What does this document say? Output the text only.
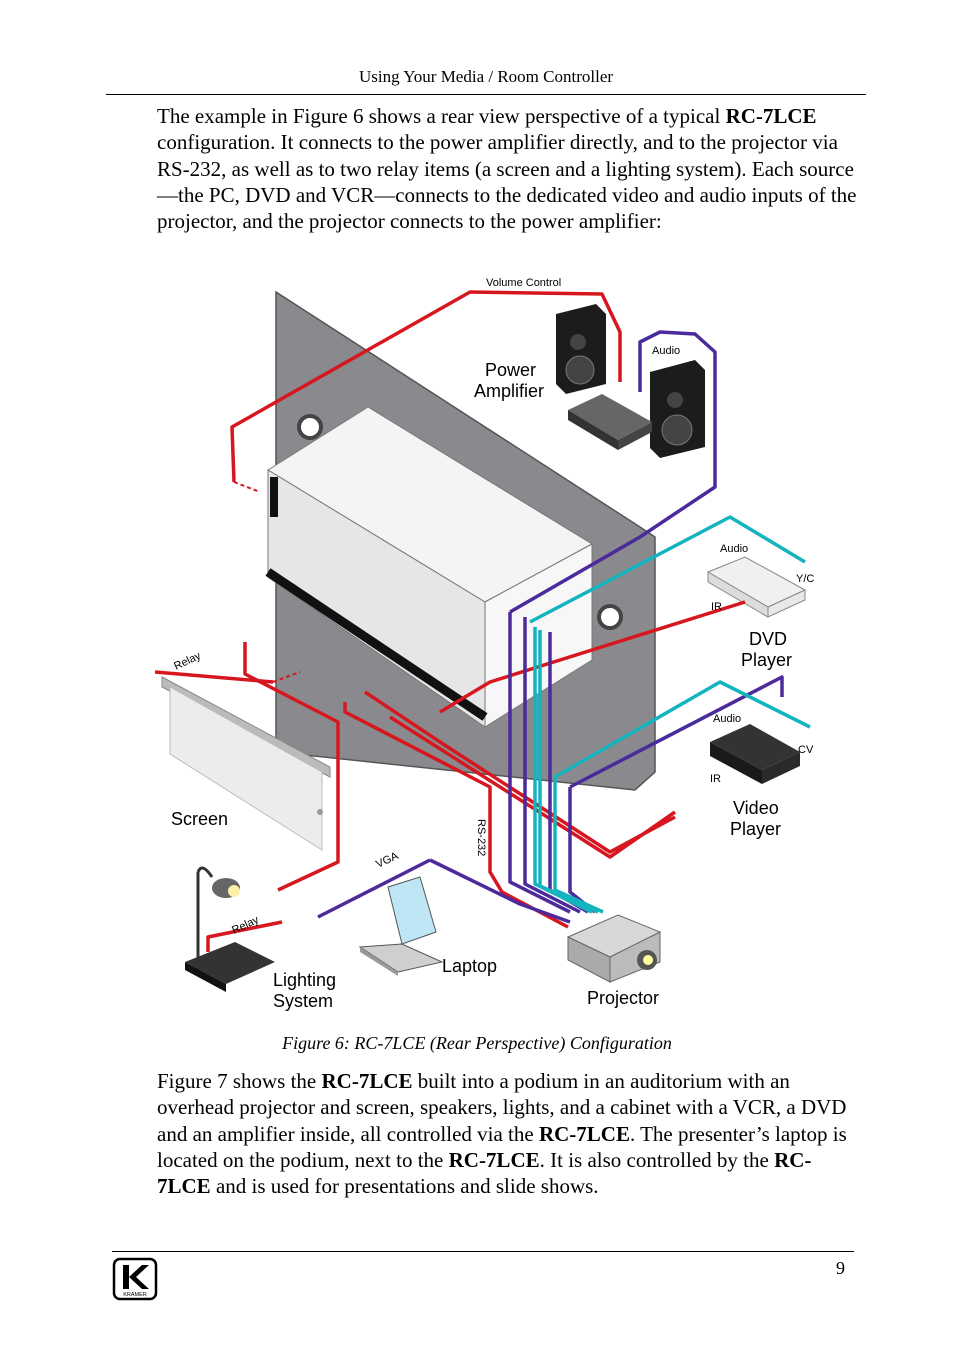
Using Your Media / Room Controller

The example in Figure 6 shows a rear view perspective of a typical RC-7LCE configuration. It connects to the power amplifier directly, and to the projector via RS-232, as well as to two relay items (a screen and a lighting system). Each source—the PC, DVD and VCR—connects to the dedicated video and audio inputs of the projector, and the projector connects to the power amplifier:

Volume Control
Audio
Power
Amplifier
Audio
Y/C
IR
DVD
Player
Audio
CV
IR
Video
Player
Relay
Screen	RS-232
VGA
Relay
Laptop
Lighting
System	Projector
Figure 6: RC-7LCE (Rear Perspective) Configuration

Figure 7 shows the RC-7LCE built into a podium in an auditorium with an overhead projector and screen, speakers, lights, and a cabinet with a VCR, a DVD and an amplifier inside, all controlled via the RC-7LCE. The presenter’s laptop is located on the podium, next to the RC-7LCE. It is also controlled by the RC-7LCE and is used for presentations and slide shows.

KRAMER
9
